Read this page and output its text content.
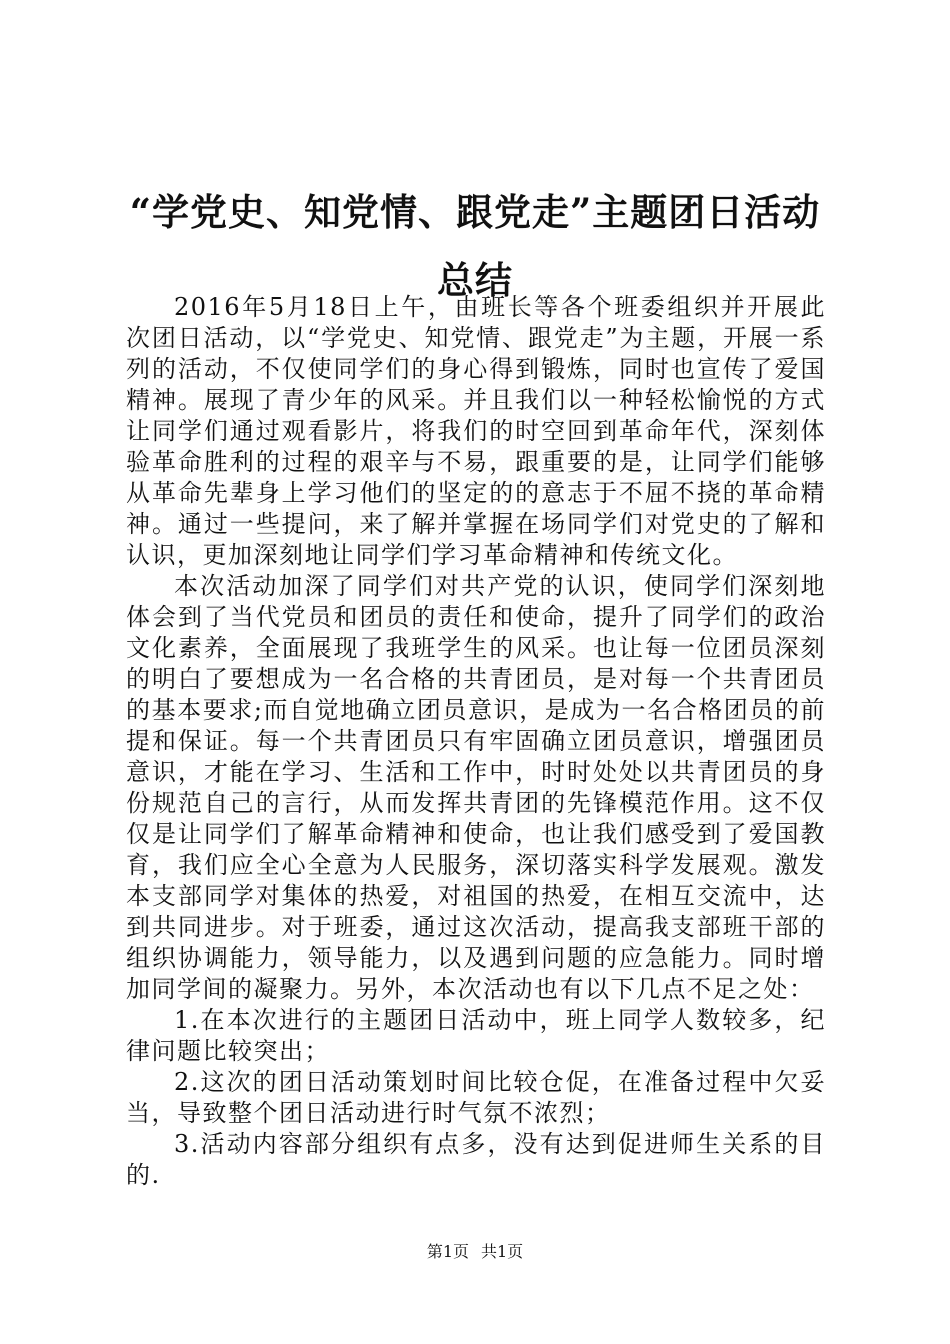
“学党史、知党情、跟党走”主题团日活动总结

2016年5月18日上午，由班长等各个班委组织并开展此次团日活动，以“学党史、知党情、跟党走”为主题，开展一系列的活动，不仅使同学们的身心得到锻炼，同时也宣传了爱国精神。展现了青少年的风采。并且我们以一种轻松愉悦的方式让同学们通过观看影片，将我们的时空回到革命年代，深刻体验革命胜利的过程的艰辛与不易，跟重要的是，让同学们能够从革命先辈身上学习他们的坚定的的意志于不屈不挠的革命精神。通过一些提问，来了解并掌握在场同学们对党史的了解和认识，更加深刻地让同学们学习革命精神和传统文化。

本次活动加深了同学们对共产党的认识，使同学们深刻地体会到了当代党员和团员的责任和使命，提升了同学们的政治文化素养，全面展现了我班学生的风采。也让每一位团员深刻的明白了要想成为一名合格的共青团员，是对每一个共青团员的基本要求;而自觉地确立团员意识，是成为一名合格团员的前提和保证。每一个共青团员只有牢固确立团员意识，增强团员意识，才能在学习、生活和工作中，时时处处以共青团员的身份规范自己的言行，从而发挥共青团的先锋模范作用。这不仅仅是让同学们了解革命精神和使命，也让我们感受到了爱国教育，我们应全心全意为人民服务，深切落实科学发展观。激发本支部同学对集体的热爱，对祖国的热爱，在相互交流中，达到共同进步。对于班委，通过这次活动，提高我支部班干部的组织协调能力，领导能力，以及遇到问题的应急能力。同时增加同学间的凝聚力。另外，本次活动也有以下几点不足之处：

1.在本次进行的主题团日活动中，班上同学人数较多，纪律问题比较突出；

2.这次的团日活动策划时间比较仓促，在准备过程中欠妥当，导致整个团日活动进行时气氛不浓烈；

3.活动内容部分组织有点多，没有达到促进师生关系的目的.

第1页 共1页
